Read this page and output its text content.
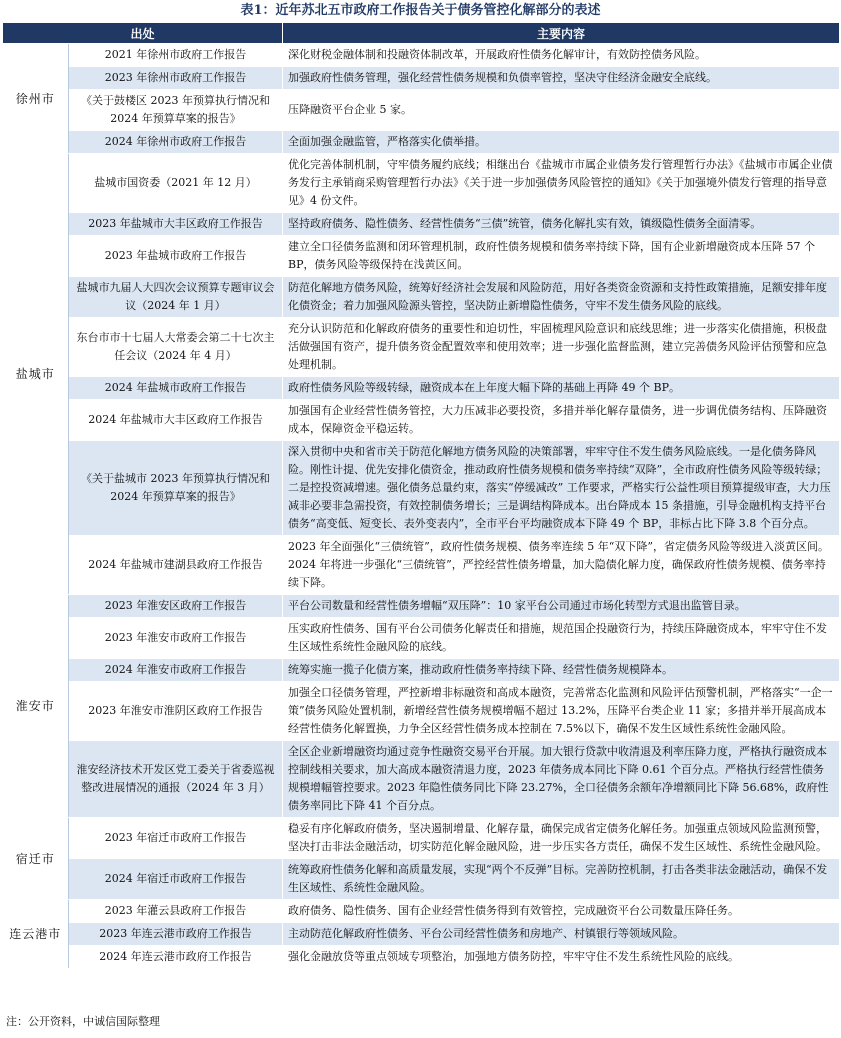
表1：近年苏北五市政府工作报告关于债务管控化解部分的表述
出处		主要内容
徐州市	2021 年徐州市政府工作报告	深化财税金融体制和投融资体制改革，开展政府性债务化解审计，有效防控债务风险。
	2023 年徐州市政府工作报告	加强政府性债务管理，强化经营性债务规模和负债率管控，坚决守住经济金融安全底线。
	《关于鼓楼区 2023 年预算执行情况和 2024 年预算草案的报告》	压降融资平台企业 5 家。
	2024 年徐州市政府工作报告	全面加强金融监管，严格落实化债举措。
盐城市	盐城市国资委（2021 年 12 月）	优化完善体制机制，守牢债务履约底线；相继出台《盐城市市属企业债务发行管理暂行办法》《盐城市市属企业债务发行主承销商采购管理暂行办法》《关于进一步加强债务风险管控的通知》《关于加强境外债发行管理的指导意见》4 份文件。
	2023 年盐城市大丰区政府工作报告	坚持政府债务、隐性债务、经营性债务“三债”统管，债务化解扎实有效，镇级隐性债务全面清零。
	2023 年盐城市政府工作报告	建立全口径债务监测和闭环管理机制，政府性债务规模和债务率持续下降，国有企业新增融资成本压降 57 个 BP，债务风险等级保持在浅黄区间。
	盐城市九届人大四次会议预算专题审议会议（2024 年 1 月）	防范化解地方债务风险，统筹好经济社会发展和风险防范，用好各类资金资源和支持性政策措施，足额安排年度化债资金；着力加强风险源头管控，坚决防止新增隐性债务，守牢不发生债务风险的底线。
	东台市市十七届人大常委会第二十七次主任会议（2024 年 4 月）	充分认识防范和化解政府债务的重要性和迫切性，牢固梳理风险意识和底线思维；进一步落实化债措施，积极盘活做强国有资产，提升债务资金配置效率和使用效率；进一步强化监督监测，建立完善债务风险评估预警和应急处理机制。
	2024 年盐城市政府工作报告	政府性债务风险等级转绿，融资成本在上年度大幅下降的基础上再降 49 个 BP。
	2024 年盐城市大丰区政府工作报告	加强国有企业经营性债务管控，大力压减非必要投资，多措并举化解存量债务，进一步调优债务结构、压降融资成本，保障资金平稳运转。
	《关于盐城市 2023 年预算执行情况和 2024 年预算草案的报告》	深入贯彻中央和省市关于防范化解地方债务风险的决策部署，牢牢守住不发生债务风险底线。一是化债务降风险。刚性计提、优先安排化债资金，推动政府性债务规模和债务率持续“双降”，全市政府性债务风险等级转绿；二是控投资减增速。强化债务总量约束，落实“停缓减改” 工作要求，严格实行公益性项目预算提级审查，大力压减非必要非急需投资，有效控制债务增长；三是调结构降成本。出台降成本 15 条措施，引导金融机构支持平台债务“高变低、短变长、表外变表内”，全市平台平均融资成本下降 49 个 BP，非标占比下降 3.8 个百分点。
	2024 年盐城市建湖县政府工作报告	2023 年全面强化“三债统管”，政府性债务规模、债务率连续 5 年“双下降”，省定债务风险等级进入淡黄区间。2024 年将进一步强化“三债统管”，严控经营性债务增量，加大隐债化解力度，确保政府性债务规模、债务率持续下降。
淮安市	2023 年淮安区政府工作报告	平台公司数量和经营性债务增幅“双压降”：10 家平台公司通过市场化转型方式退出监管目录。
	2023 年淮安市政府工作报告	压实政府性债务、国有平台公司债务化解责任和措施，规范国企投融资行为，持续压降融资成本，牢牢守住不发生区域性系统性金融风险的底线。
	2024 年淮安市政府工作报告	统筹实施一揽子化债方案，推动政府性债务率持续下降、经营性债务规模降本。
	2023 年淮安市淮阴区政府工作报告	加强全口径债务管理，严控新增非标融资和高成本融资，完善常态化监测和风险评估预警机制，严格落实“一企一策”债务风险处置机制，新增经营性债务规模增幅不超过 13.2%，压降平台类企业 11 家；多措并举开展高成本经营性债务化解置换，力争全区经营性债务成本控制在 7.5%以下，确保不发生区域性系统性金融风险。
	淮安经济技术开发区党工委关于省委巡视整改进展情况的通报（2024 年 3 月）	全区企业新增融资均通过竞争性融资交易平台开展。加大银行贷款中收清退及利率压降力度，严格执行融资成本控制线相关要求，加大高成本融资清退力度，2023 年债务成本同比下降 0.61 个百分点。严格执行经营性债务规模增幅管控要求。2023 年隐性债务同比下降 23.27%，全口径债务余额年净增额同比下降 56.68%，政府性债务率同比下降 41 个百分点。
宿迁市	2023 年宿迁市政府工作报告	稳妥有序化解政府债务，坚决遏制增量、化解存量，确保完成省定债务化解任务。加强重点领域风险监测预警，坚决打击非法金融活动，切实防范化解金融风险，进一步压实各方责任，确保不发生区域性、系统性金融风险。
	2024 年宿迁市政府工作报告	统筹政府性债务化解和高质量发展，实现“两个不反弹”目标。完善防控机制，打击各类非法金融活动，确保不发生区域性、系统性金融风险。
连云港市	2023 年灌云县政府工作报告	政府债务、隐性债务、国有企业经营性债务得到有效管控，完成融资平台公司数量压降任务。
	2023 年连云港市政府工作报告	主动防范化解政府性债务、平台公司经营性债务和房地产、村镇银行等领域风险。
	2024 年连云港市政府工作报告	强化金融放贷等重点领域专项整治，加强地方债务防控，牢牢守住不发生系统性风险的底线。
注：公开资料，中诚信国际整理
